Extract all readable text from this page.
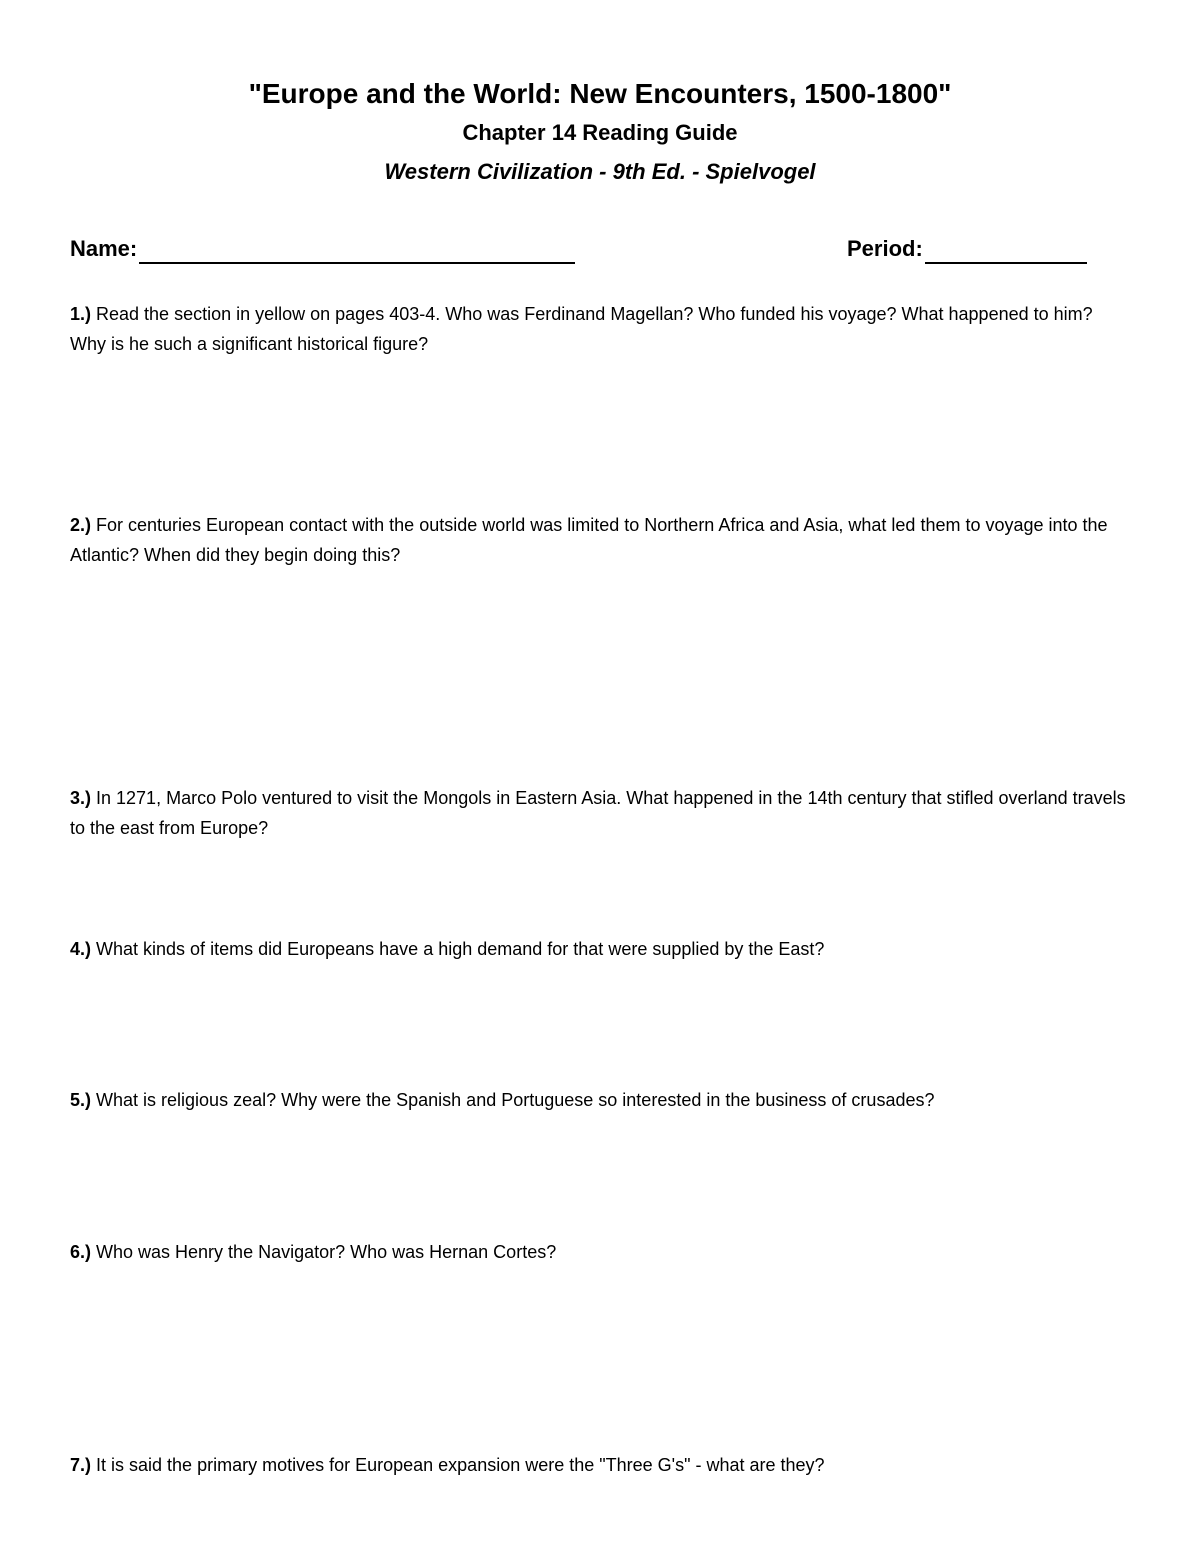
"Europe and the World: New Encounters, 1500-1800"
Chapter 14 Reading Guide
Western Civilization - 9th Ed. - Spielvogel
Name:	Period:

1.) Read the section in yellow on pages 403-4. Who was Ferdinand Magellan? Who funded his voyage? What happened to him? Why is he such a significant historical figure?

2.) For centuries European contact with the outside world was limited to Northern Africa and Asia, what led them to voyage into the Atlantic? When did they begin doing this?

3.) In 1271, Marco Polo ventured to visit the Mongols in Eastern Asia. What happened in the 14th century that stifled overland travels to the east from Europe?

4.) What kinds of items did Europeans have a high demand for that were supplied by the East?

5.) What is religious zeal? Why were the Spanish and Portuguese so interested in the business of crusades?

6.) Who was Henry the Navigator? Who was Hernan Cortes?

7.) It is said the primary motives for European expansion were the "Three G's" - what are they?
